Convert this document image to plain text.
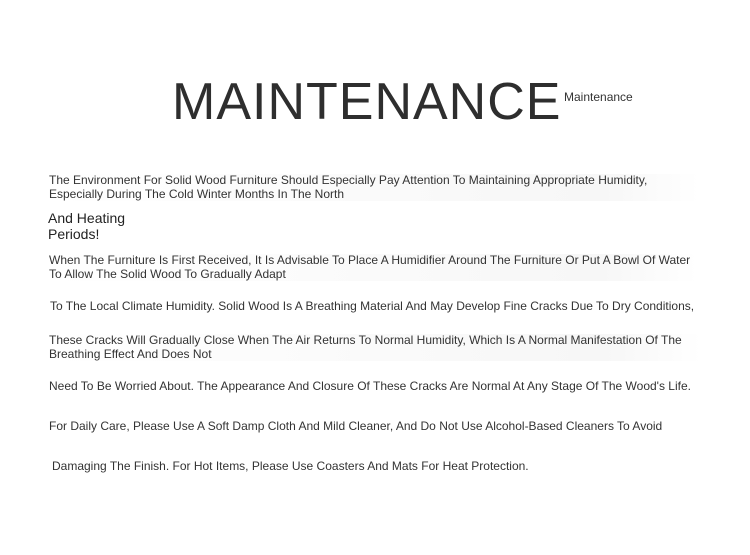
MAINTENANCE Maintenance
The Environment For Solid Wood Furniture Should Especially Pay Attention To Maintaining Appropriate Humidity, Especially During The Cold Winter Months In The North
And Heating Periods!
When The Furniture Is First Received, It Is Advisable To Place A Humidifier Around The Furniture Or Put A Bowl Of Water To Allow The Solid Wood To Gradually Adapt
To The Local Climate Humidity. Solid Wood Is A Breathing Material And May Develop Fine Cracks Due To Dry Conditions,
These Cracks Will Gradually Close When The Air Returns To Normal Humidity, Which Is A Normal Manifestation Of The Breathing Effect And Does Not
Need To Be Worried About. The Appearance And Closure Of These Cracks Are Normal At Any Stage Of The Wood's Life.
For Daily Care, Please Use A Soft Damp Cloth And Mild Cleaner, And Do Not Use Alcohol-Based Cleaners To Avoid
Damaging The Finish. For Hot Items, Please Use Coasters And Mats For Heat Protection.
